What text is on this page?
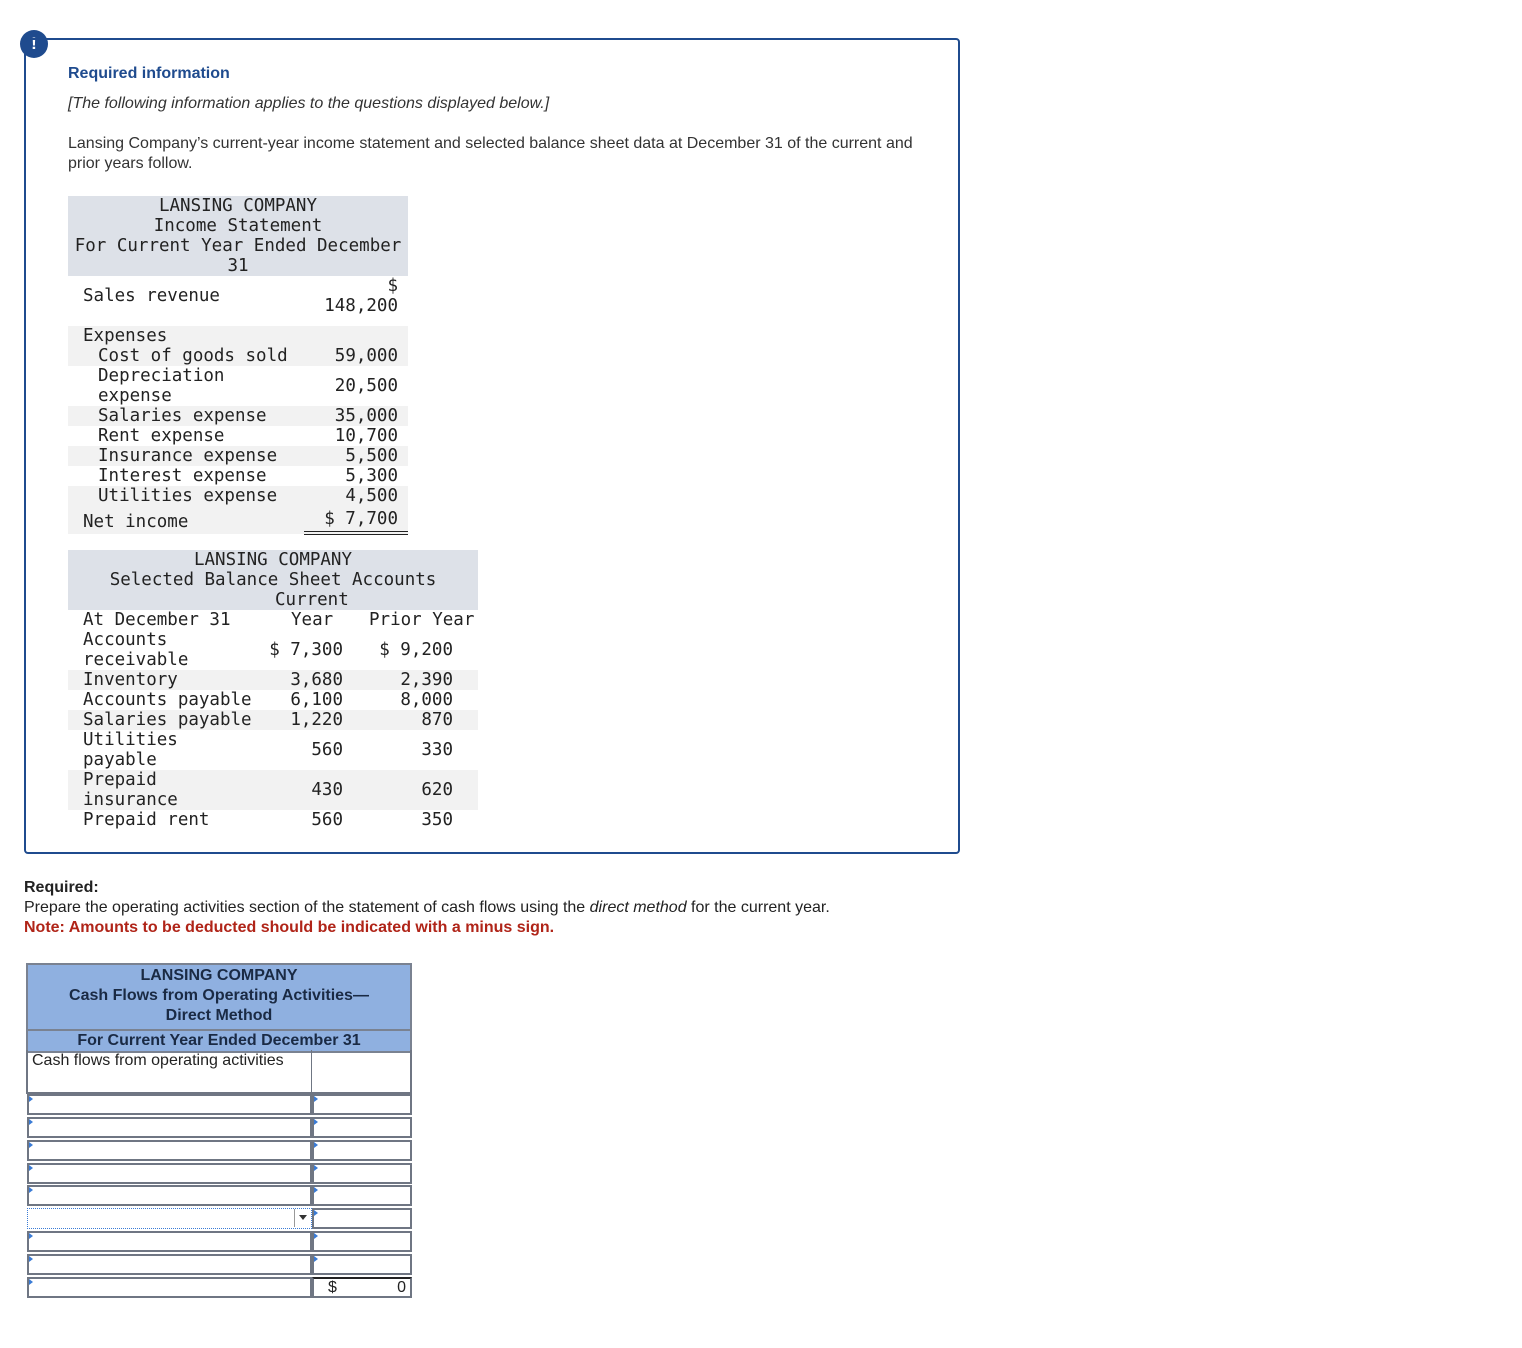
!
Required information
[The following information applies to the questions displayed below.]
Lansing Company’s current-year income statement and selected balance sheet data at December 31 of the current and prior years follow.
LANSING COMPANY
Income Statement
For Current Year Ended December
31
Sales revenue	$
148,200
Expenses
Cost of goods sold	59,000
Depreciation
expense	20,500
Salaries expense	35,000
Rent expense	10,700
Insurance expense	5,500
Interest expense	5,300
Utilities expense	4,500
Net income	$ 7,700
LANSING COMPANY
Selected Balance Sheet Accounts
Current
At December 31	Year Prior Year
Accounts
receivable	$ 7,300 $ 9,200
Inventory	3,680	2,390
Accounts payable 6,100	8,000
Salaries payable 1,220	870
Utilities
payable	560	330
Prepaid
insurance	430	620
Prepaid rent	560	350
Required:
Prepare the operating activities section of the statement of cash flows using the direct method for the current year.
Note: Amounts to be deducted should be indicated with a minus sign.
LANSING COMPANY
Cash Flows from Operating Activities—
Direct Method
For Current Year Ended December 31
Cash flows from operating activities
$	0
